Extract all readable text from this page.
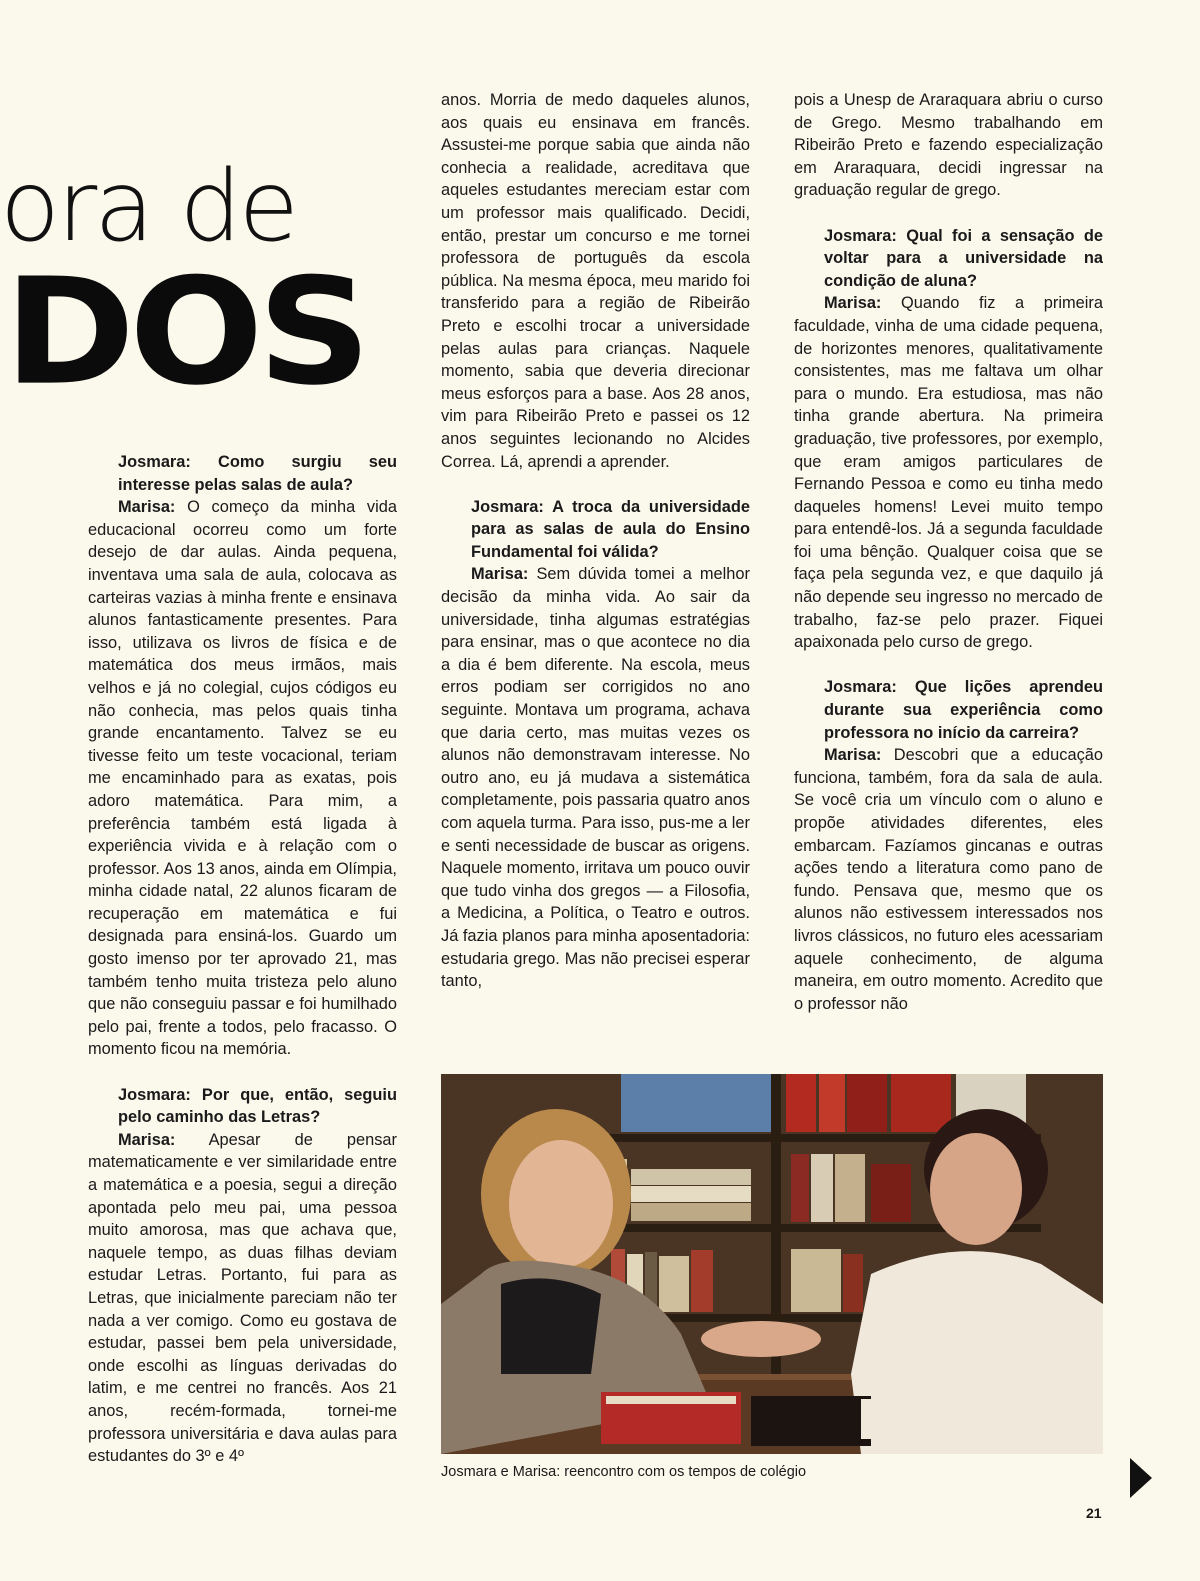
ora de
DOS

Josmara: Como surgiu seu interesse pelas salas de aula?

Marisa: O começo da minha vida educacional ocorreu como um forte desejo de dar aulas. Ainda pequena, inventava uma sala de aula, colocava as carteiras vazias à minha frente e ensinava alunos fantasticamente presentes. Para isso, utilizava os livros de física e de matemática dos meus irmãos, mais velhos e já no colegial, cujos códigos eu não conhecia, mas pelos quais tinha grande encantamento. Talvez se eu tivesse feito um teste vocacional, teriam me encaminhado para as exatas, pois adoro matemática. Para mim, a preferência também está ligada à experiência vivida e à relação com o professor. Aos 13 anos, ainda em Olímpia, minha cidade natal, 22 alunos ficaram de recuperação em matemática e fui designada para ensiná-los. Guardo um gosto imenso por ter aprovado 21, mas também tenho muita tristeza pelo aluno que não conseguiu passar e foi humilhado pelo pai, frente a todos, pelo fracasso. O momento ficou na memória.

Josmara: Por que, então, seguiu pelo caminho das Letras?

Marisa: Apesar de pensar matematicamente e ver similaridade entre a matemática e a poesia, segui a direção apontada pelo meu pai, uma pessoa muito amorosa, mas que achava que, naquele tempo, as duas filhas deviam estudar Letras. Portanto, fui para as Letras, que inicialmente pareciam não ter nada a ver comigo. Como eu gostava de estudar, passei bem pela universidade, onde escolhi as línguas derivadas do latim, e me centrei no francês. Aos 21 anos, recém-formada, tornei-me professora universitária e dava aulas para estudantes do 3º e 4º

anos. Morria de medo daqueles alunos, aos quais eu ensinava em francês. Assustei-me porque sabia que ainda não conhecia a realidade, acreditava que aqueles estudantes mereciam estar com um professor mais qualificado. Decidi, então, prestar um concurso e me tornei professora de português da escola pública. Na mesma época, meu marido foi transferido para a região de Ribeirão Preto e escolhi trocar a universidade pelas aulas para crianças. Naquele momento, sabia que deveria direcionar meus esforços para a base. Aos 28 anos, vim para Ribeirão Preto e passei os 12 anos seguintes lecionando no Alcides Correa. Lá, aprendi a aprender.

Josmara: A troca da universidade para as salas de aula do Ensino Fundamental foi válida?

Marisa: Sem dúvida tomei a melhor decisão da minha vida. Ao sair da universidade, tinha algumas estratégias para ensinar, mas o que acontece no dia a dia é bem diferente. Na escola, meus erros podiam ser corrigidos no ano seguinte. Montava um programa, achava que daria certo, mas muitas vezes os alunos não demonstravam interesse. No outro ano, eu já mudava a sistemática completamente, pois passaria quatro anos com aquela turma. Para isso, pus-me a ler e senti necessidade de buscar as origens. Naquele momento, irritava um pouco ouvir que tudo vinha dos gregos — a Filosofia, a Medicina, a Política, o Teatro e outros. Já fazia planos para minha aposentadoria: estudaria grego. Mas não precisei esperar tanto,

pois a Unesp de Araraquara abriu o curso de Grego. Mesmo trabalhando em Ribeirão Preto e fazendo especialização em Araraquara, decidi ingressar na graduação regular de grego.

Josmara: Qual foi a sensação de voltar para a universidade na condição de aluna?

Marisa: Quando fiz a primeira faculdade, vinha de uma cidade pequena, de horizontes menores, qualitativamente consistentes, mas me faltava um olhar para o mundo. Era estudiosa, mas não tinha grande abertura. Na primeira graduação, tive professores, por exemplo, que eram amigos particulares de Fernando Pessoa e como eu tinha medo daqueles homens! Levei muito tempo para entendê-los. Já a segunda faculdade foi uma bênção. Qualquer coisa que se faça pela segunda vez, e que daquilo já não depende seu ingresso no mercado de trabalho, faz-se pelo prazer. Fiquei apaixonada pelo curso de grego.

Josmara: Que lições aprendeu durante sua experiência como professora no início da carreira?

Marisa: Descobri que a educação funciona, também, fora da sala de aula. Se você cria um vínculo com o aluno e propõe atividades diferentes, eles embarcam. Fazíamos gincanas e outras ações tendo a literatura como pano de fundo. Pensava que, mesmo que os alunos não estivessem interessados nos livros clássicos, no futuro eles acessariam aquele conhecimento, de alguma maneira, em outro momento. Acredito que o professor não

Josmara e Marisa: reencontro com os tempos de colégio
21
